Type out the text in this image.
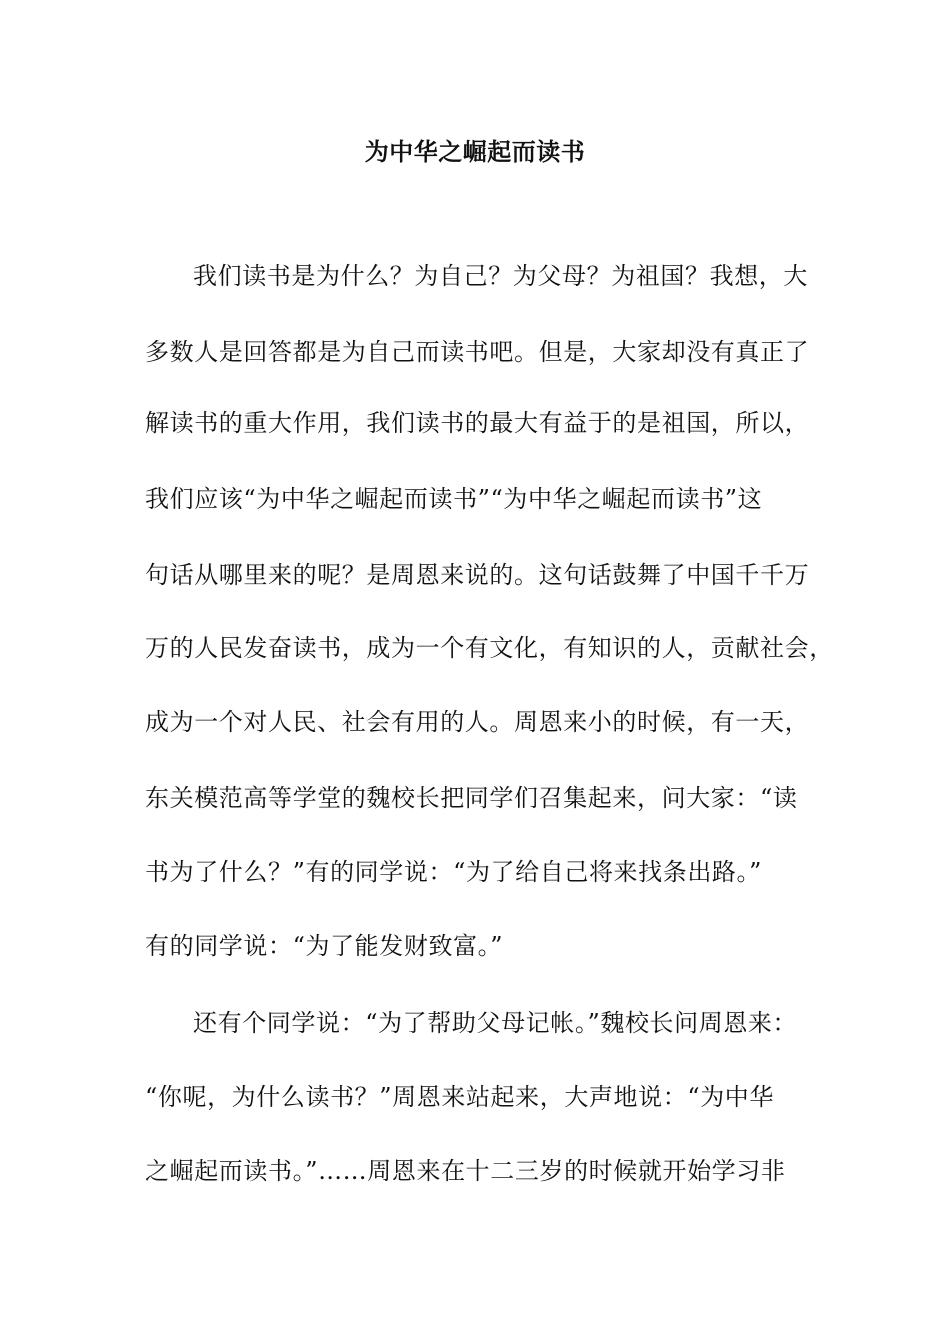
为中华之崛起而读书
我们读书是为什么？为自己？为父母？为祖国？我想，大
多数人是回答都是为自己而读书吧。但是，大家却没有真正了
解读书的重大作用，我们读书的最大有益于的是祖国，所以，
我们应该“为中华之崛起而读书”“为中华之崛起而读书”这
句话从哪里来的呢？是周恩来说的。这句话鼓舞了中国千千万
万的人民发奋读书，成为一个有文化，有知识的人，贡献社会，
成为一个对人民、社会有用的人。周恩来小的时候，有一天，
东关模范高等学堂的魏校长把同学们召集起来，问大家：“读
书为了什么？”有的同学说：“为了给自己将来找条出路。”
有的同学说：“为了能发财致富。”
还有个同学说：“为了帮助父母记帐。”魏校长问周恩来：
“你呢，为什么读书？”周恩来站起来，大声地说：“为中华
之崛起而读书。”……周恩来在十二三岁的时候就开始学习非
